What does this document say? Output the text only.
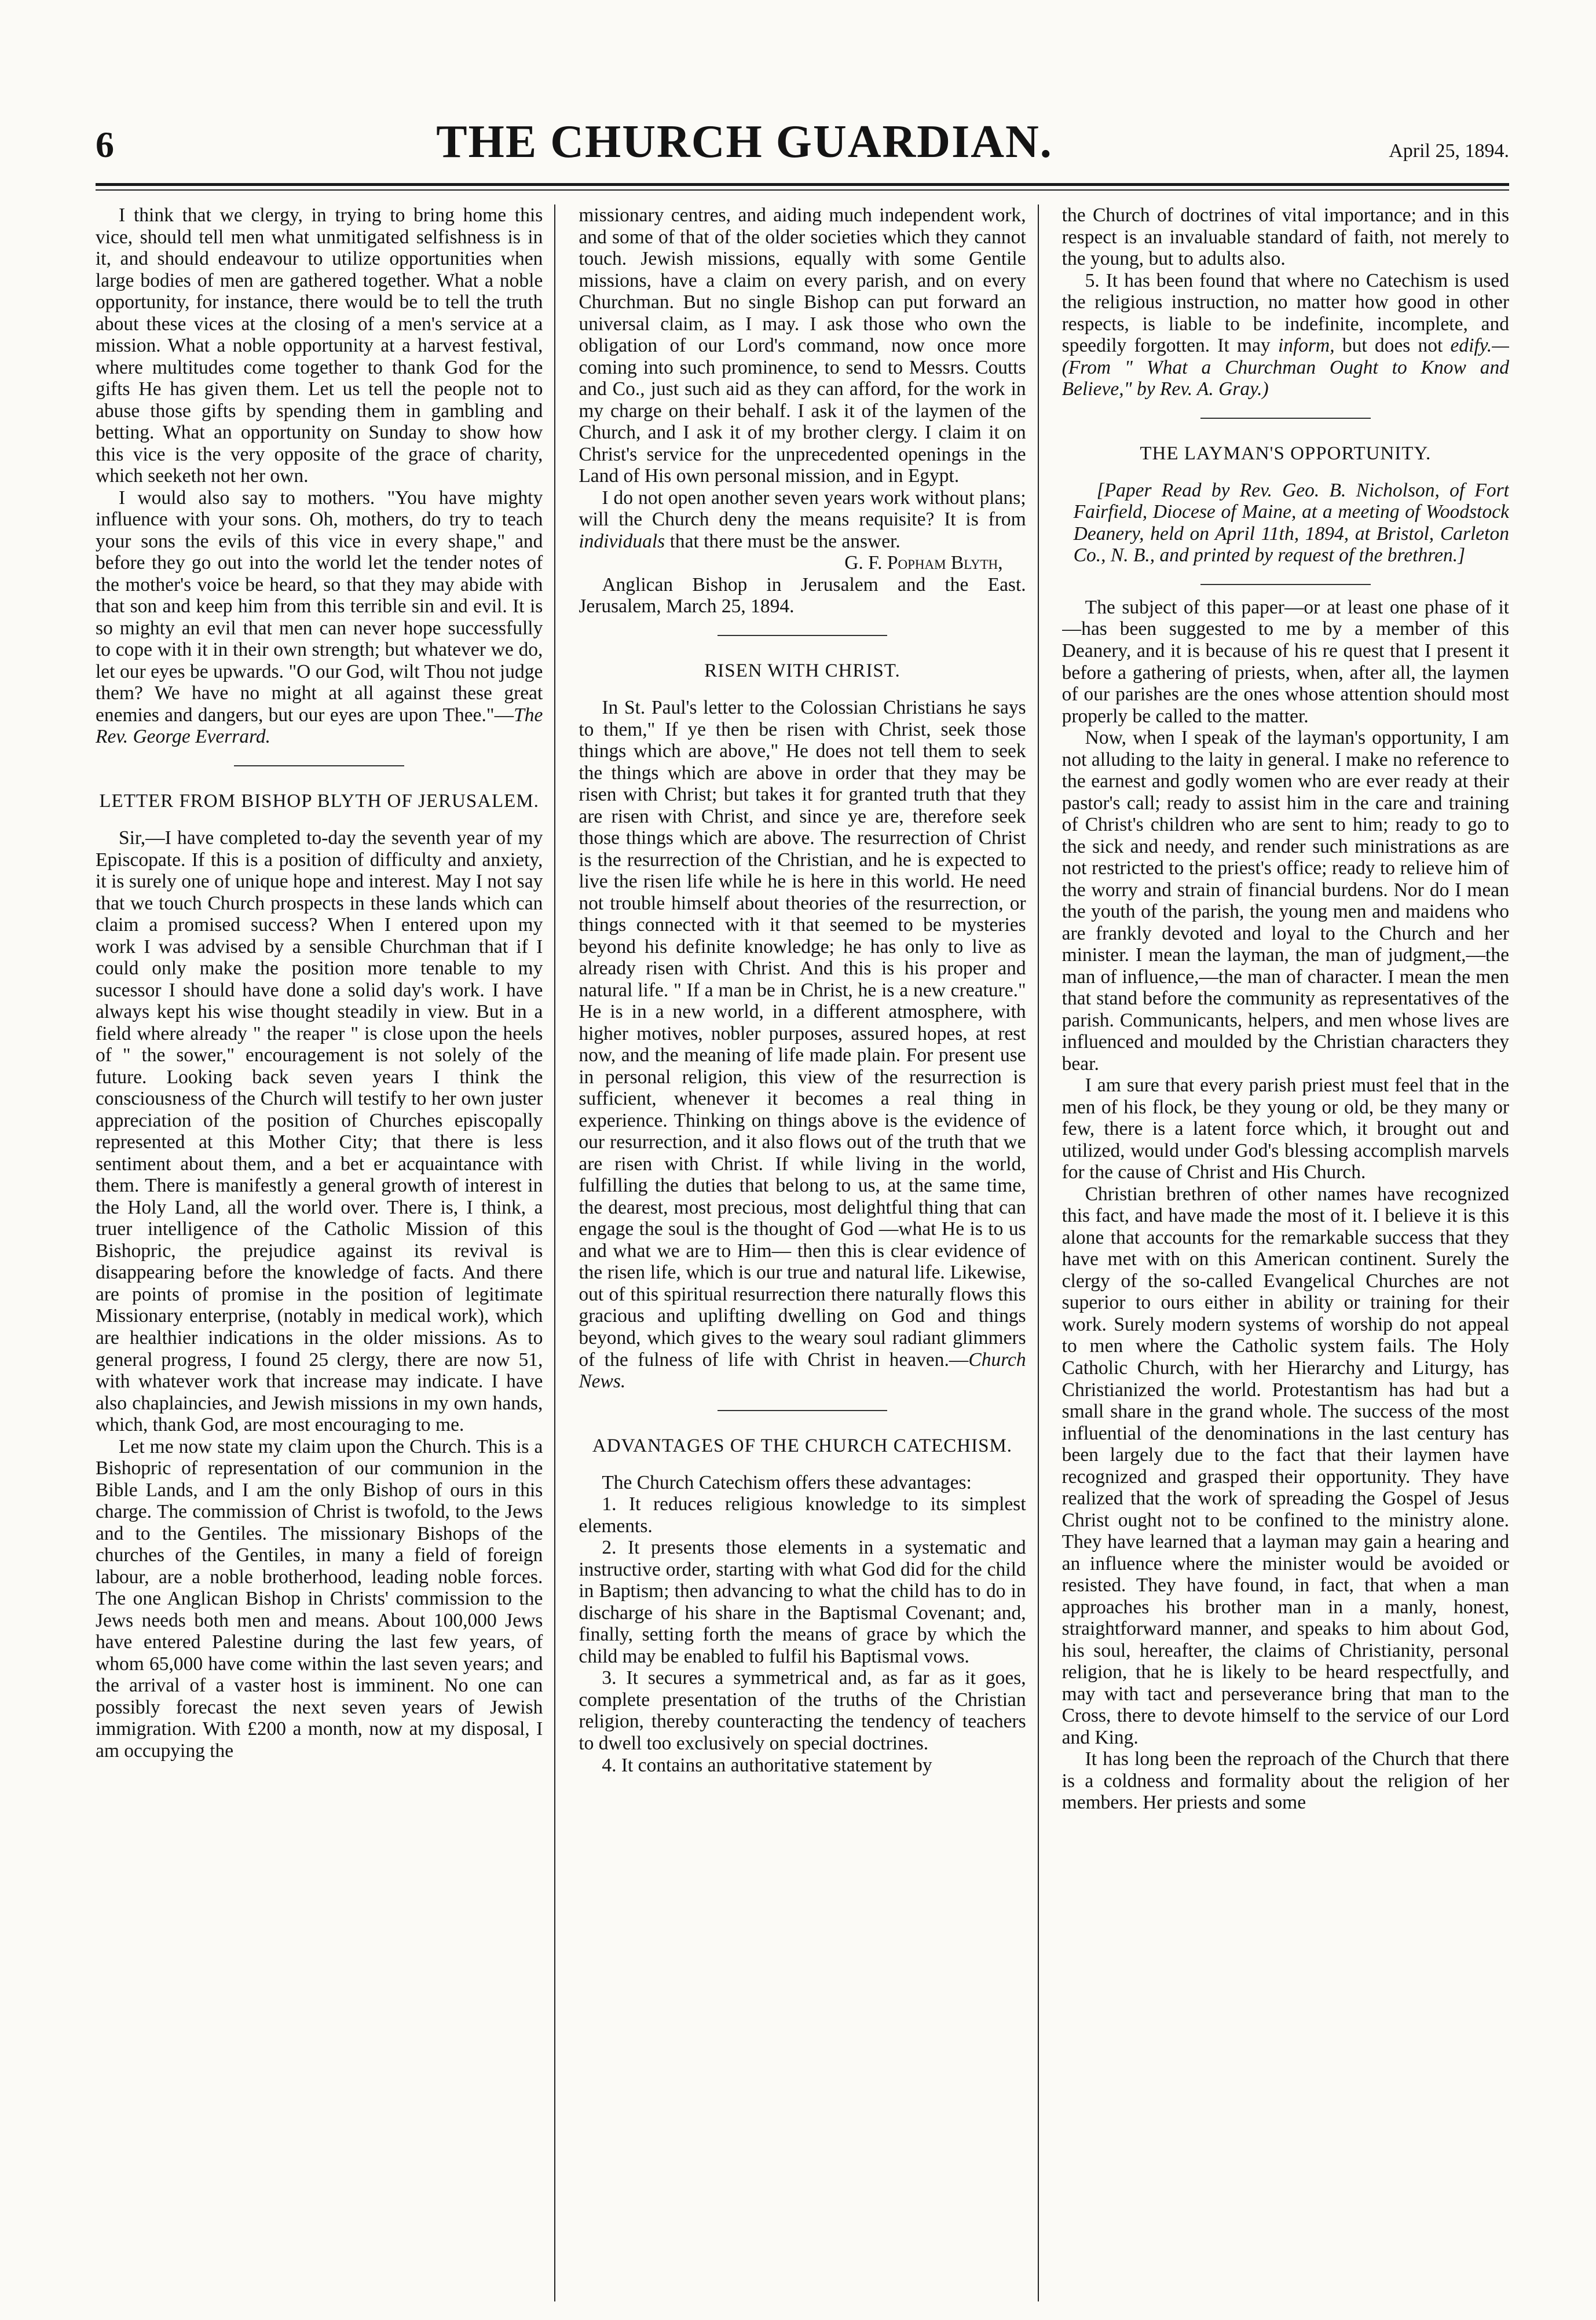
6	THE CHURCH GUARDIAN.	April 25, 1894.

I think that we clergy, in trying to bring home this vice, should tell men what unmitigated selfishness is in it, and should endeavour to utilize opportunities when large bodies of men are gathered together. What a noble opportunity, for instance, there would be to tell the truth about these vices at the closing of a men's service at a mission. What a noble opportunity at a harvest festival, where multitudes come together to thank God for the gifts He has given them. Let us tell the people not to abuse those gifts by spending them in gambling and betting. What an opportunity on Sunday to show how this vice is the very opposite of the grace of charity, which seeketh not her own.

I would also say to mothers. "You have mighty influence with your sons. Oh, mothers, do try to teach your sons the evils of this vice in every shape," and before they go out into the world let the tender notes of the mother's voice be heard, so that they may abide with that son and keep him from this terrible sin and evil. It is so mighty an evil that men can never hope successfully to cope with it in their own strength; but whatever we do, let our eyes be upwards. "O our God, wilt Thou not judge them? We have no might at all against these great enemies and dangers, but our eyes are upon Thee."—The Rev. George Everrard.

LETTER FROM BISHOP BLYTH OF JERUSALEM.

Sir,—I have completed to-day the seventh year of my Episcopate. If this is a position of difficulty and anxiety, it is surely one of unique hope and interest. May I not say that we touch Church prospects in these lands which can claim a promised success? When I entered upon my work I was advised by a sensible Churchman that if I could only make the position more tenable to my sucessor I should have done a solid day's work. I have always kept his wise thought steadily in view. But in a field where already " the reaper " is close upon the heels of " the sower," encouragement is not solely of the future. Looking back seven years I think the consciousness of the Church will testify to her own juster appreciation of the position of Churches episcopally represented at this Mother City; that there is less sentiment about them, and a bet er acquaintance with them. There is manifestly a general growth of interest in the Holy Land, all the world over. There is, I think, a truer intelligence of the Catholic Mission of this Bishopric, the prejudice against its revival is disappearing before the knowledge of facts. And there are points of promise in the position of legitimate Missionary enterprise, (notably in medical work), which are healthier indications in the older missions. As to general progress, I found 25 clergy, there are now 51, with whatever work that increase may indicate. I have also chaplaincies, and Jewish missions in my own hands, which, thank God, are most encouraging to me.

Let me now state my claim upon the Church. This is a Bishopric of representation of our communion in the Bible Lands, and I am the only Bishop of ours in this charge. The commission of Christ is twofold, to the Jews and to the Gentiles. The missionary Bishops of the churches of the Gentiles, in many a field of foreign labour, are a noble brotherhood, leading noble forces. The one Anglican Bishop in Christs' commission to the Jews needs both men and means. About 100,000 Jews have entered Palestine during the last few years, of whom 65,000 have come within the last seven years; and the arrival of a vaster host is imminent. No one can possibly forecast the next seven years of Jewish immigration. With £200 a month, now at my disposal, I am occupying the

missionary centres, and aiding much independent work, and some of that of the older societies which they cannot touch. Jewish missions, equally with some Gentile missions, have a claim on every parish, and on every Churchman. But no single Bishop can put forward an universal claim, as I may. I ask those who own the obligation of our Lord's command, now once more coming into such prominence, to send to Messrs. Coutts and Co., just such aid as they can afford, for the work in my charge on their behalf. I ask it of the laymen of the Church, and I ask it of my brother clergy. I claim it on Christ's service for the unprecedented openings in the Land of His own personal mission, and in Egypt.

I do not open another seven years work without plans; will the Church deny the means requisite? It is from individuals that there must be the answer.

G. F. Popham Blyth,

Anglican Bishop in Jerusalem and the East. Jerusalem, March 25, 1894.

RISEN WITH CHRIST.

In St. Paul's letter to the Colossian Christians he says to them," If ye then be risen with Christ, seek those things which are above," He does not tell them to seek the things which are above in order that they may be risen with Christ; but takes it for granted truth that they are risen with Christ, and since ye are, therefore seek those things which are above. The resurrection of Christ is the resurrection of the Christian, and he is expected to live the risen life while he is here in this world. He need not trouble himself about theories of the resurrection, or things connected with it that seemed to be mysteries beyond his definite knowledge; he has only to live as already risen with Christ. And this is his proper and natural life. " If a man be in Christ, he is a new creature." He is in a new world, in a different atmosphere, with higher motives, nobler purposes, assured hopes, at rest now, and the meaning of life made plain. For present use in personal religion, this view of the resurrection is sufficient, whenever it becomes a real thing in experience. Thinking on things above is the evidence of our resurrection, and it also flows out of the truth that we are risen with Christ. If while living in the world, fulfilling the duties that belong to us, at the same time, the dearest, most precious, most delightful thing that can engage the soul is the thought of God —what He is to us and what we are to Him— then this is clear evidence of the risen life, which is our true and natural life. Likewise, out of this spiritual resurrection there naturally flows this gracious and uplifting dwelling on God and things beyond, which gives to the weary soul radiant glimmers of the fulness of life with Christ in heaven.—Church News.

ADVANTAGES OF THE CHURCH CATECHISM.

The Church Catechism offers these advantages:

1. It reduces religious knowledge to its simplest elements.

2. It presents those elements in a systematic and instructive order, starting with what God did for the child in Baptism; then advancing to what the child has to do in discharge of his share in the Baptismal Covenant; and, finally, setting forth the means of grace by which the child may be enabled to fulfil his Baptismal vows.

3. It secures a symmetrical and, as far as it goes, complete presentation of the truths of the Christian religion, thereby counteracting the tendency of teachers to dwell too exclusively on special doctrines.

4. It contains an authoritative statement by

the Church of doctrines of vital importance; and in this respect is an invaluable standard of faith, not merely to the young, but to adults also.

5. It has been found that where no Catechism is used the religious instruction, no matter how good in other respects, is liable to be indefinite, incomplete, and speedily forgotten. It may inform, but does not edify.—(From " What a Churchman Ought to Know and Believe," by Rev. A. Gray.)

THE LAYMAN'S OPPORTUNITY.

[Paper Read by Rev. Geo. B. Nicholson, of Fort Fairfield, Diocese of Maine, at a meeting of Woodstock Deanery, held on April 11th, 1894, at Bristol, Carleton Co., N. B., and printed by request of the brethren.]

The subject of this paper—or at least one phase of it—has been suggested to me by a member of this Deanery, and it is because of his re quest that I present it before a gathering of priests, when, after all, the laymen of our parishes are the ones whose attention should most properly be called to the matter.

Now, when I speak of the layman's opportunity, I am not alluding to the laity in general. I make no reference to the earnest and godly women who are ever ready at their pastor's call; ready to assist him in the care and training of Christ's children who are sent to him; ready to go to the sick and needy, and render such ministrations as are not restricted to the priest's office; ready to relieve him of the worry and strain of financial burdens. Nor do I mean the youth of the parish, the young men and maidens who are frankly devoted and loyal to the Church and her minister. I mean the layman, the man of judgment,—the man of influence,—the man of character. I mean the men that stand before the community as representatives of the parish. Communicants, helpers, and men whose lives are influenced and moulded by the Christian characters they bear.

I am sure that every parish priest must feel that in the men of his flock, be they young or old, be they many or few, there is a latent force which, it brought out and utilized, would under God's blessing accomplish marvels for the cause of Christ and His Church.

Christian brethren of other names have recognized this fact, and have made the most of it. I believe it is this alone that accounts for the remarkable success that they have met with on this American continent. Surely the clergy of the so-called Evangelical Churches are not superior to ours either in ability or training for their work. Surely modern systems of worship do not appeal to men where the Catholic system fails. The Holy Catholic Church, with her Hierarchy and Liturgy, has Christianized the world. Protestantism has had but a small share in the grand whole. The success of the most influential of the denominations in the last century has been largely due to the fact that their laymen have recognized and grasped their opportunity. They have realized that the work of spreading the Gospel of Jesus Christ ought not to be confined to the ministry alone. They have learned that a layman may gain a hearing and an influence where the minister would be avoided or resisted. They have found, in fact, that when a man approaches his brother man in a manly, honest, straightforward manner, and speaks to him about God, his soul, hereafter, the claims of Christianity, personal religion, that he is likely to be heard respectfully, and may with tact and perseverance bring that man to the Cross, there to devote himself to the service of our Lord and King.

It has long been the reproach of the Church that there is a coldness and formality about the religion of her members. Her priests and some
